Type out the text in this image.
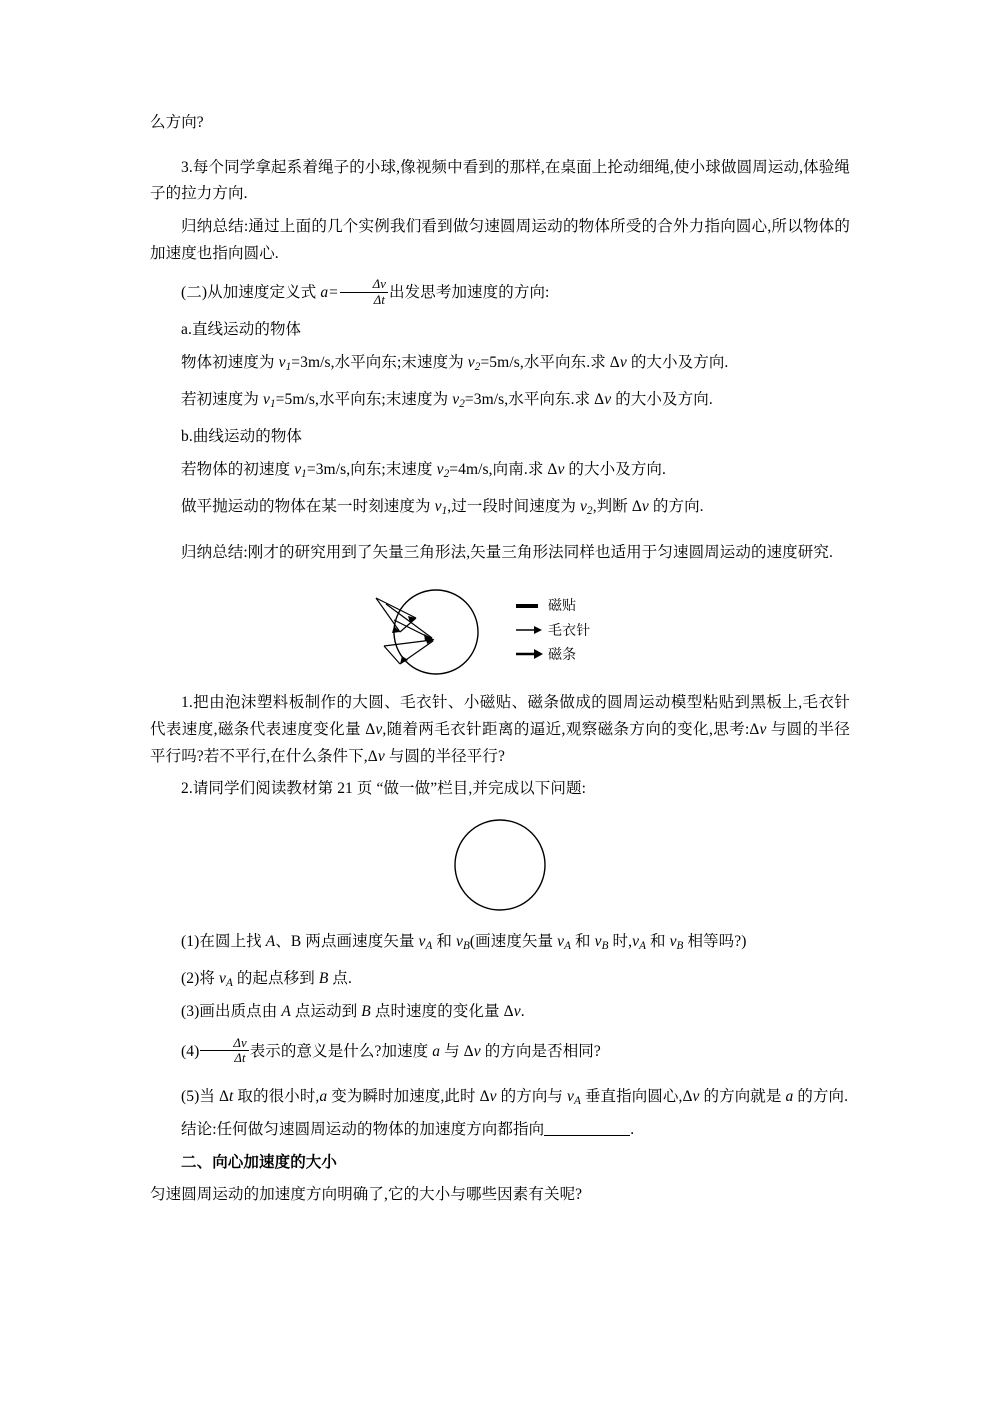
么方向?

3.每个同学拿起系着绳子的小球,像视频中看到的那样,在桌面上抡动细绳,使小球做圆周运动,体验绳子的拉力方向.

归纳总结:通过上面的几个实例我们看到做匀速圆周运动的物体所受的合外力指向圆心,所以物体的加速度也指向圆心.

(二)从加速度定义式 $a= \frac{\Delta v}{\Delta t}$ 出发思考加速度的方向:

a.直线运动的物体

物体初速度为 $v_1=3m/s$,水平向东;末速度为 $v_2=5m/s$,水平向东.求 Δv 的大小及方向.

若初速度为 $v_1=5m/s$,水平向东;末速度为 $v_2=3m/s$,水平向东.求 Δv 的大小及方向.

b.曲线运动的物体

若物体的初速度 $v_1=3m/s$,向东;末速度 $v_2=4m/s$,向南.求 Δv 的大小及方向.

做平抛运动的物体在某一时刻速度为 $v_1$,过一段时间速度为 $v_2$,判断 Δv 的方向.

归纳总结:刚才的研究用到了矢量三角形法,矢量三角形法同样也适用于匀速圆周运动的速度研究.

磁贴
毛衣针
磁条

1.把由泡沫塑料板制作的大圆、毛衣针、小磁贴、磁条做成的圆周运动模型粘贴到黑板上,毛衣针代表速度,磁条代表速度变化量 Δv,随着两毛衣针距离的逼近,观察磁条方向的变化,思考:Δv 与圆的半径平行吗?若不平行,在什么条件下,Δv 与圆的半径平行?

2.请同学们阅读教材第 21 页 “做一做”栏目,并完成以下问题:

(1)在圆上找 A、B 两点画速度矢量 $v_A$ 和 $v_B$(画速度矢量 $v_A$ 和 $v_B$ 时$,v_A$ 和 $v_B$ 相等吗?)

(2)将 $v_A$ 的起点移到 B 点.

(3)画出质点由 A 点运动到 B 点时速度的变化量 Δv.

$(4) \frac{\Delta v}{\Delta t}$ 表示的意义是什么?加速度 a 与 Δv 的方向是否相同?

(5)当 Δt 取的很小时,a 变为瞬时加速度,此时 Δv 的方向与 $v_A$ 垂直指向圆心,Δv 的方向就是 a 的方向.

结论:任何做匀速圆周运动的物体的加速度方向都指向	.

二、向心加速度的大小

匀速圆周运动的加速度方向明确了,它的大小与哪些因素有关呢?
